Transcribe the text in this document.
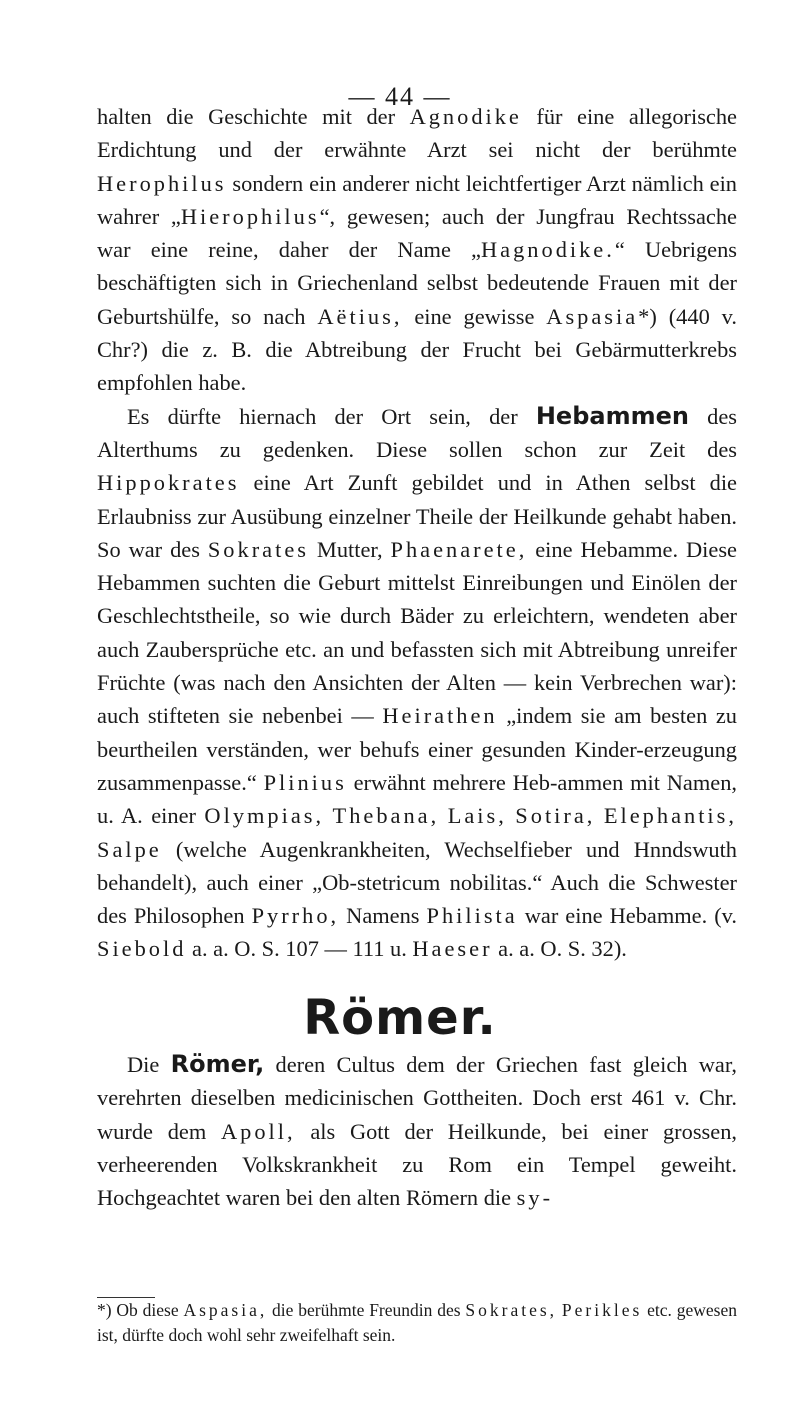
— 44 —

halten die Geschichte mit der Agnodike für eine allegorische Erdichtung und der erwähnte Arzt sei nicht der berühmte Herophilus sondern ein anderer nicht leichtfertiger Arzt nämlich ein wahrer „Hierophilus“, gewesen; auch der Jungfrau Rechtssache war eine reine, daher der Name „Hagnodike.“ Uebrigens beschäftigten sich in Griechenland selbst bedeutende Frauen mit der Geburtshülfe, so nach Aëtius, eine gewisse Aspasia*) (440 v. Chr?) die z. B. die Abtreibung der Frucht bei Gebärmutterkrebs empfohlen habe.

Es dürfte hiernach der Ort sein, der Hebammen des Alterthums zu gedenken. Diese sollen schon zur Zeit des Hippokrates eine Art Zunft gebildet und in Athen selbst die Erlaubniss zur Ausübung einzelner Theile der Heilkunde gehabt haben. So war des Sokrates Mutter, Phaenarete, eine Hebamme. Diese Hebammen suchten die Geburt mittelst Einreibungen und Einölen der Geschlechtstheile, so wie durch Bäder zu erleichtern, wendeten aber auch Zaubersprüche etc. an und befassten sich mit Abtreibung unreifer Früchte (was nach den Ansichten der Alten — kein Verbrechen war): auch stifteten sie nebenbei — Heirathen „indem sie am besten zu beurtheilen verständen, wer behufs einer gesunden Kinder-erzeugung zusammenpasse.“ Plinius erwähnt mehrere Heb-ammen mit Namen, u. A. einer Olympias, Thebana, Lais, Sotira, Elephantis, Salpe (welche Augenkrankheiten, Wechselfieber und Hnndswuth behandelt), auch einer „Ob-stetricum nobilitas.“ Auch die Schwester des Philosophen Pyrrho, Namens Philista war eine Hebamme. (v. Siebold a. a. O. S. 107 — 111 u. Haeser a. a. O. S. 32).

Römer.

Die Römer, deren Cultus dem der Griechen fast gleich war, verehrten dieselben medicinischen Gottheiten. Doch erst 461 v. Chr. wurde dem Apoll, als Gott der Heilkunde, bei einer grossen, verheerenden Volkskrankheit zu Rom ein Tempel geweiht. Hochgeachtet waren bei den alten Römern die sy-

*) Ob diese Aspasia, die berühmte Freundin des Sokrates, Perikles etc. gewesen ist, dürfte doch wohl sehr zweifelhaft sein.
